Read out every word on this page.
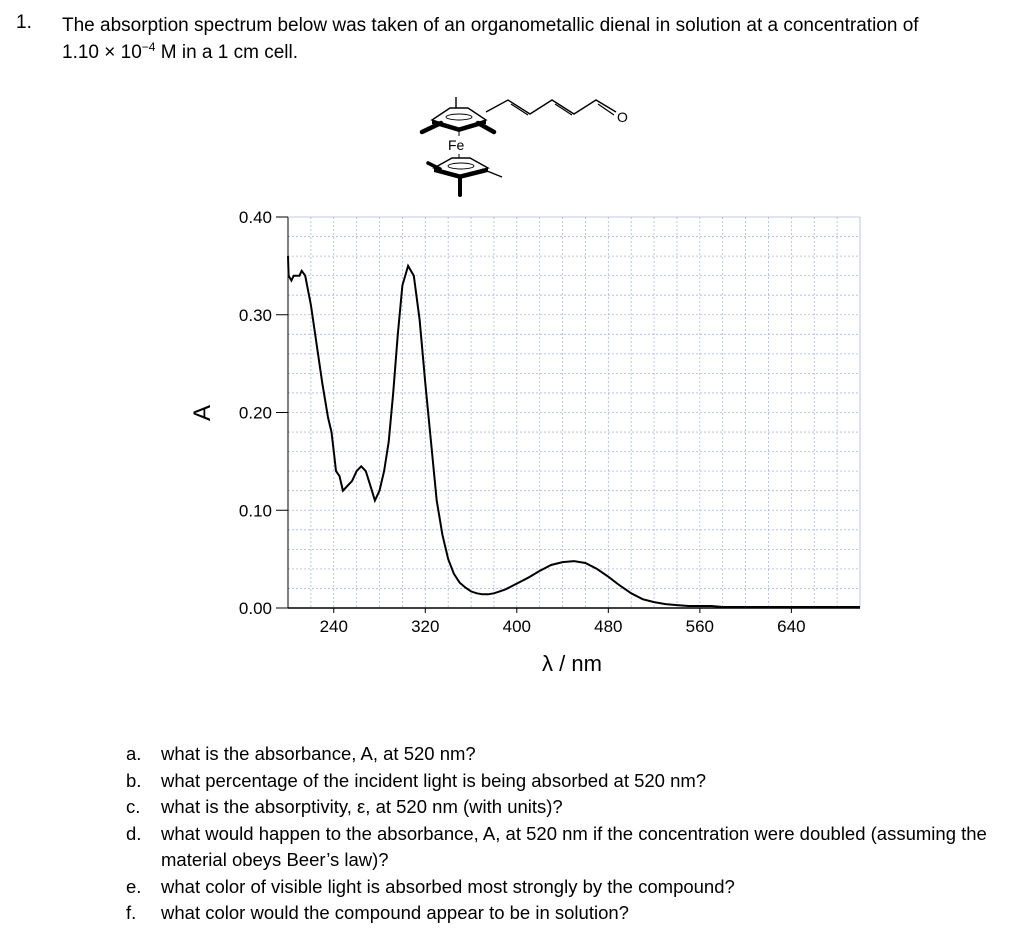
1. The absorption spectrum below was taken of an organometallic dienal in solution at a concentration of
$1.10 \times 10^{-4}$ M in a 1 cm cell.
O
Fe
0.00
0.10
0.20
0.30
0.40
240	320	400	480	560	640
A
λ / nm
a. what is the absorbance, A, at 520 nm?
b. what percentage of the incident light is being absorbed at 520 nm?
c. what is the absorptivity, ε, at 520 nm (with units)?
d. what would happen to the absorbance, A, at 520 nm if the concentration were doubled (assuming the material obeys Beer’s law)?
e. what color of visible light is absorbed most strongly by the compound?
f. what color would the compound appear to be in solution?
